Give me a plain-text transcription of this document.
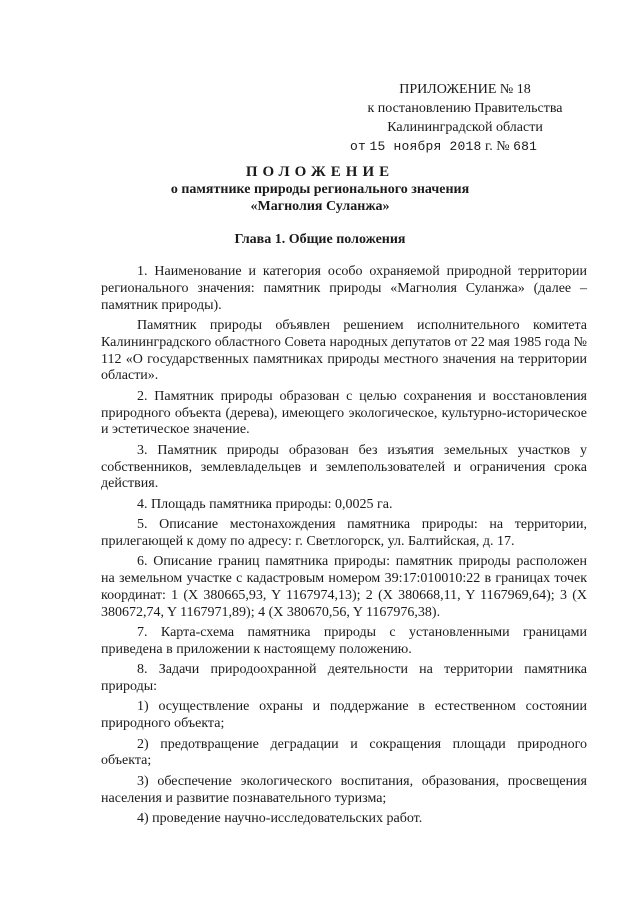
ПРИЛОЖЕНИЕ № 18
к постановлению Правительства
Калининградской области
от 15 ноября 2018 г. № 681
ПОЛОЖЕНИЕ
о памятнике природы регионального значения
«Магнолия Суланжа»
Глава 1. Общие положения

1. Наименование и категория особо охраняемой природной территории регионального значения: памятник природы «Магнолия Суланжа» (далее – памятник природы).

Памятник природы объявлен решением исполнительного комитета Калининградского областного Совета народных депутатов от 22 мая 1985 года № 112 «О государственных памятниках природы местного значения на территории области».

2. Памятник природы образован с целью сохранения и восстановления природного объекта (дерева), имеющего экологическое, культурно-историческое и эстетическое значение.

3. Памятник природы образован без изъятия земельных участков у собственников, землевладельцев и землепользователей и ограничения срока действия.

4. Площадь памятника природы: 0,0025 га.

5. Описание местонахождения памятника природы: на территории, прилегающей к дому по адресу: г. Светлогорск, ул. Балтийская, д. 17.

6. Описание границ памятника природы: памятник природы расположен на земельном участке с кадастровым номером 39:17:010010:22 в границах точек координат: 1 (X 380665,93, Y 1167974,13); 2 (X 380668,11, Y 1167969,64); 3 (X 380672,74, Y 1167971,89); 4 (X 380670,56, Y 1167976,38).

7. Карта-схема памятника природы с установленными границами приведена в приложении к настоящему положению.

8. Задачи природоохранной деятельности на территории памятника природы:

1) осуществление охраны и поддержание в естественном состоянии природного объекта;

2) предотвращение деградации и сокращения площади природного объекта;

3) обеспечение экологического воспитания, образования, просвещения населения и развитие познавательного туризма;

4) проведение научно-исследовательских работ.
